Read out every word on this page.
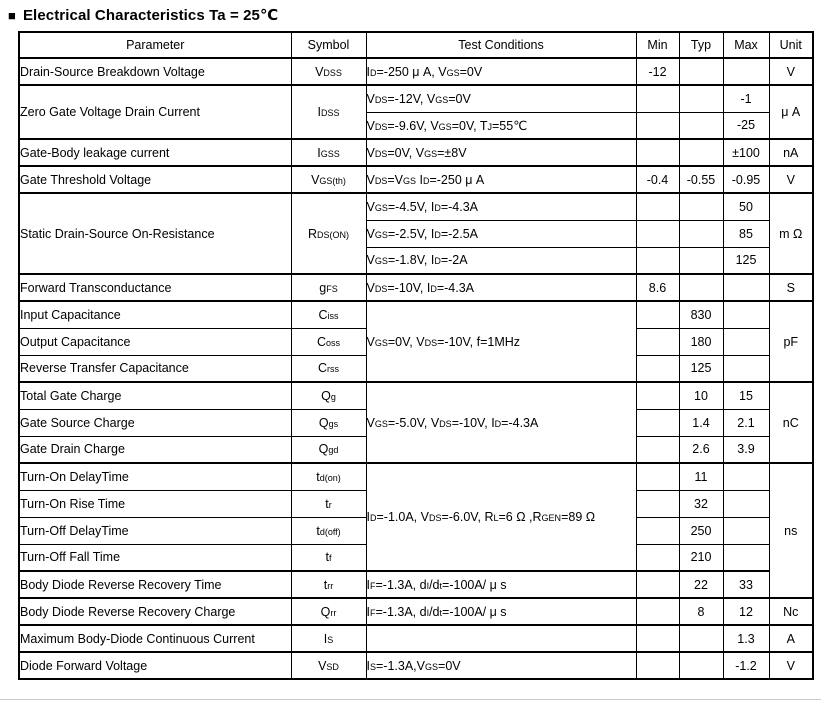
■ Electrical Characteristics Ta = 25℃
Parameter	Symbol	Test Conditions	Min	Typ	Max	Unit
Drain-Source Breakdown Voltage	VDSS	ID=-250 μ A, VGS=0V	-12			V
Zero Gate Voltage Drain Current	IDSS	VDS=-12V, VGS=0V			-1	μ A
		VDS=-9.6V, VGS=0V, TJ=55℃			-25	
Gate-Body leakage current	IGSS	VDS=0V, VGS=±8V			±100	nA
Gate Threshold Voltage	VGS(th)	VDS=VGS ID=-250 μ A	-0.4	-0.55	-0.95	V
Static Drain-Source On-Resistance	RDS(ON)	VGS=-4.5V, ID=-4.3A			50	m Ω
		VGS=-2.5V, ID=-2.5A			85	
		VGS=-1.8V, ID=-2A			125	
Forward Transconductance	gFS	VDS=-10V, ID=-4.3A	8.6			S
Input Capacitance	Ciss	VGS=0V, VDS=-10V, f=1MHz		830		pF
Output Capacitance	Coss			180		
Reverse Transfer Capacitance	Crss			125		
Total Gate Charge	Qg	VGS=-5.0V, VDS=-10V, ID=-4.3A		10	15	nC
Gate Source Charge	Qgs			1.4	2.1	
Gate Drain Charge	Qgd			2.6	3.9	
Turn-On DelayTime	td(on)	ID=-1.0A, VDS=-6.0V, RL=6 Ω ,RGEN=89 Ω		11		ns
Turn-On Rise Time	tr			32		
Turn-Off DelayTime	td(off)			250		
Turn-Off Fall Time	tf			210		
Body Diode Reverse Recovery Time	trr	IF=-1.3A, dI/dt=-100A/ μ s		22	33	
Body Diode Reverse Recovery Charge	Qrr	IF=-1.3A, dI/dt=-100A/ μ s		8	12	Nc
Maximum Body-Diode Continuous Current	IS				1.3	A
Diode Forward Voltage	VSD	IS=-1.3A,VGS=0V			-1.2	V
